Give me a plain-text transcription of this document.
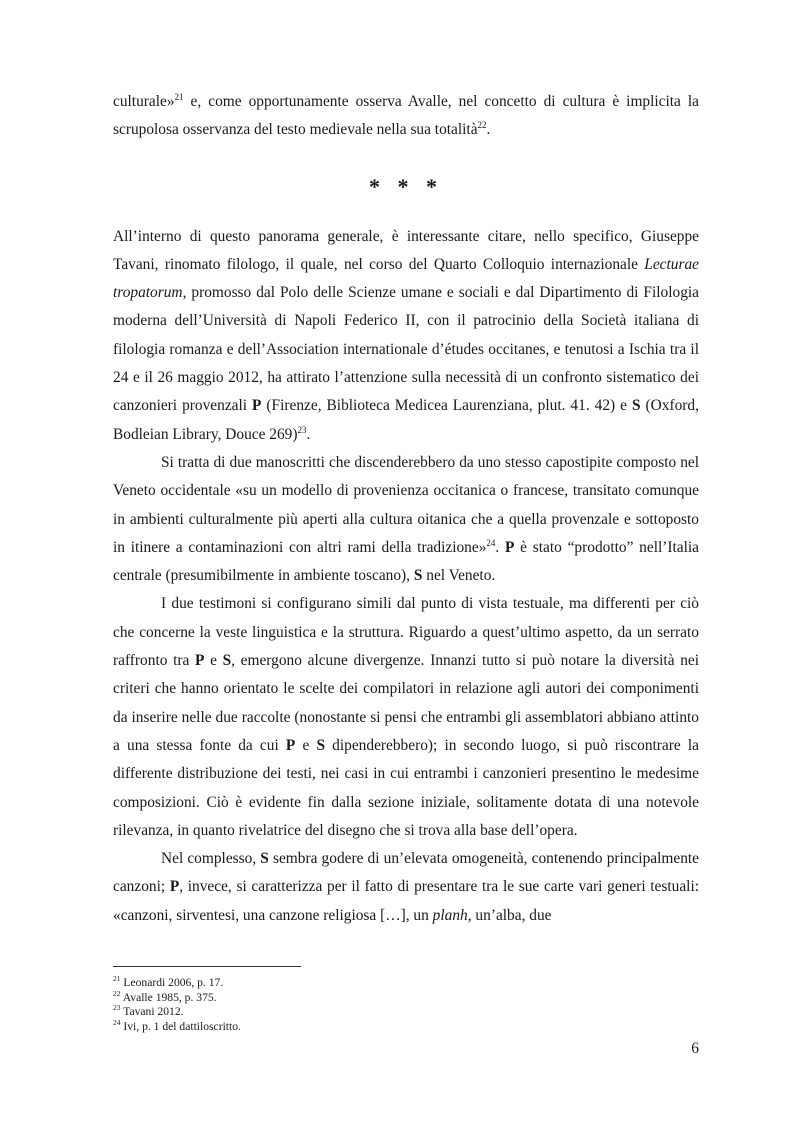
culturale»$^{21}$ e, come opportunamente osserva Avalle, nel concetto di cultura è implicita la scrupolosa osservanza del testo medievale nella sua totalità$^{22}$.

* * *

All’interno di questo panorama generale, è interessante citare, nello specifico, Giuseppe Tavani, rinomato filologo, il quale, nel corso del Quarto Colloquio internazionale Lecturae tropatorum, promosso dal Polo delle Scienze umane e sociali e dal Dipartimento di Filologia moderna dell’Università di Napoli Federico II, con il patrocinio della Società italiana di filologia romanza e dell’Association internationale d’études occitanes, e tenutosi a Ischia tra il 24 e il 26 maggio 2012, ha attirato l’attenzione sulla necessità di un confronto sistematico dei canzonieri provenzali P (Firenze, Biblioteca Medicea Laurenziana, plut. 41. 42) e S (Oxford, Bodleian Library, Douce 269)$^{23}$.

Si tratta di due manoscritti che discenderebbero da uno stesso capostipite composto nel Veneto occidentale «su un modello di provenienza occitanica o francese, transitato comunque in ambienti culturalmente più aperti alla cultura oitanica che a quella provenzale e sottoposto in itinere a contaminazioni con altri rami della tradizione»$^{24}$. P è stato “prodotto” nell’Italia centrale (presumibilmente in ambiente toscano), S nel Veneto.

I due testimoni si configurano simili dal punto di vista testuale, ma differenti per ciò che concerne la veste linguistica e la struttura. Riguardo a quest’ultimo aspetto, da un serrato raffronto tra P e S, emergono alcune divergenze. Innanzi tutto si può notare la diversità nei criteri che hanno orientato le scelte dei compilatori in relazione agli autori dei componimenti da inserire nelle due raccolte (nonostante si pensi che entrambi gli assemblatori abbiano attinto a una stessa fonte da cui P e S dipenderebbero); in secondo luogo, si può riscontrare la differente distribuzione dei testi, nei casi in cui entrambi i canzonieri presentino le medesime composizioni. Ciò è evidente fin dalla sezione iniziale, solitamente dotata di una notevole rilevanza, in quanto rivelatrice del disegno che si trova alla base dell’opera.

Nel complesso, S sembra godere di un’elevata omogeneità, contenendo principalmente canzoni; P, invece, si caratterizza per il fatto di presentare tra le sue carte vari generi testuali: «canzoni, sirventesi, una canzone religiosa […], un planh, un’alba, due

$^{21}$ Leonardi 2006, p. 17.
$^{22}$ Avalle 1985, p. 375.
$^{23}$ Tavani 2012.
$^{24}$ Ivi, p. 1 del dattiloscritto.
6
